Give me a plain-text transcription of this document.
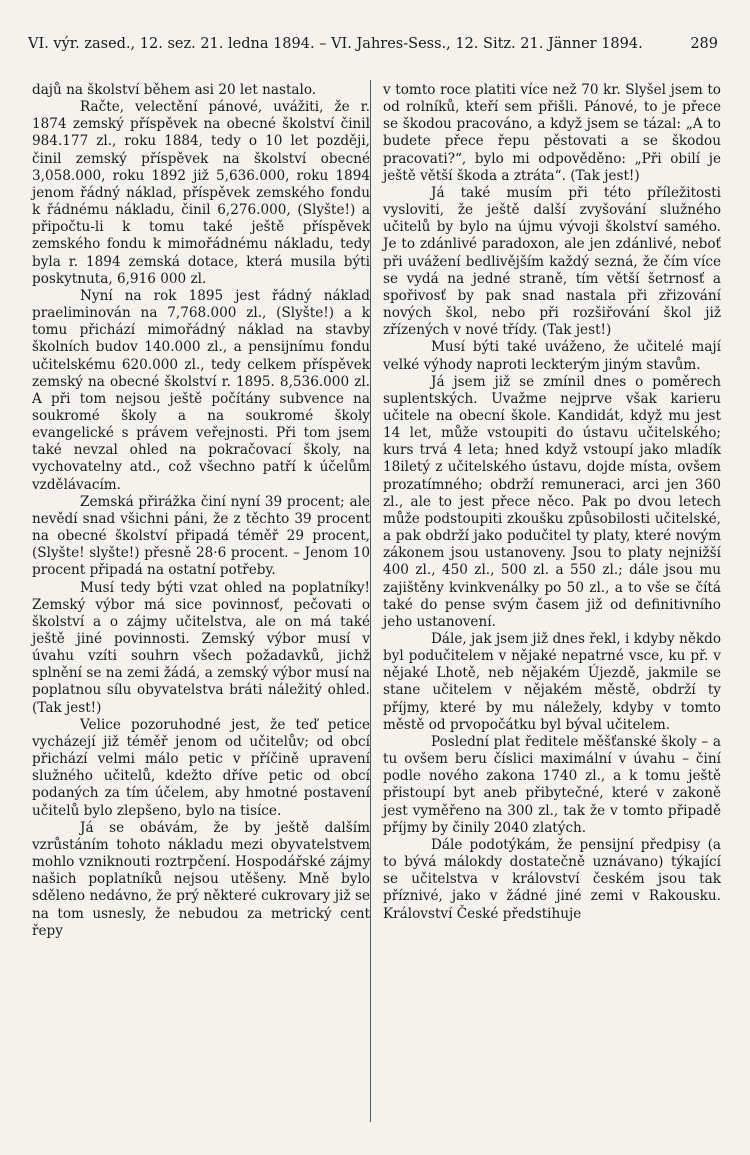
VI. výr. zased., 12. sez. 21. ledna 1894. – VI. Jahres-Sess., 12. Sitz. 21. Jänner 1894.	289

dajů na školství během asi 20 let nastalo.

Račte, velectění pánové, uvážiti, že r. 1874 zemský příspěvek na obecné školství činil 984.177 zl., roku 1884, tedy o 10 let později, činil zemský příspěvek na školství obecné 3,058.000, roku 1892 již 5,636.000, roku 1894 jenom řádný náklad, příspěvek zemského fondu k řádnému nákladu, činil 6,276.000, (Slyšte!) a připočtu-li k tomu také ještě příspěvek zemského fondu k mimořádnému nákladu, tedy byla r. 1894 zemská dotace, která musila býti poskytnuta, 6,916 000 zl.

Nyní na rok 1895 jest řádný náklad praeliminován na 7,768.000 zl., (Slyšte!) a k tomu přichází mimořádný náklad na stavby školních budov 140.000 zl., a pensijnímu fondu učitelskému 620.000 zl., tedy celkem příspěvek zemský na obecné školství r. 1895. 8,536.000 zl. A při tom nejsou ještě počítány subvence na soukromé školy a na soukromé školy evangelické s právem veřejnosti. Při tom jsem také nevzal ohled na pokračovací školy, na vychovatelny atd., což všechno patří k účelům vzdělávacím.

Zemská přirážka činí nyní 39 procent; ale nevědí snad všichni páni, že z těchto 39 procent na obecné školství připadá téměř 29 procent, (Slyšte! slyšte!) přesně 28·6 procent. – Jenom 10 procent připadá na ostatní potřeby.

Musí tedy býti vzat ohled na poplatníky! Zemský výbor má sice povinnosť, pečovati o školství a o zájmy učitelstva, ale on má také ještě jiné povinnosti. Zemský výbor musí v úvahu vzíti souhrn všech požadavků, jichž splnění se na zemi žádá, a zemský výbor musí na poplatnou sílu obyvatelstva bráti náležitý ohled. (Tak jest!)

Velice pozoruhodné jest, že teď petice vycházejí již téměř jenom od učitelův; od obcí přichází velmi málo petic v příčině upravení služného učitelů, kdežto dříve petic od obcí podaných za tím účelem, aby hmotné postavení učitelů bylo zlepšeno, bylo na tisíce.

Já se obávám, že by ještě dalším vzrůstáním tohoto nákladu mezi obyvatelstvem mohlo vzniknouti roztrpčení. Hospodářské zájmy našich poplatníků nejsou utěšeny. Mně bylo sděleno nedávno, že prý některé cukrovary již se na tom usnesly, že nebudou za metrický cent řepy

v tomto roce platiti více než 70 kr. Slyšel jsem to od rolníků, kteří sem přišli. Pánové, to je přece se škodou pracováno, a když jsem se tázal: „A to budete přece řepu pěstovati a se škodou pracovati?“, bylo mi odpověděno: „Při obilí je ještě větší škoda a ztráta“. (Tak jest!)

Já také musím při této příležitosti vysloviti, že ještě další zvyšování služného učitelů by bylo na újmu vývoji školství samého. Je to zdánlivé paradoxon, ale jen zdánlivé, neboť při uvážení bedlivějším každý sezná, že čím více se vydá na jedné straně, tím větší šetrnosť a spořivosť by pak snad nastala při zřizování nových škol, nebo při rozšiřování škol již zřízených v nové třídy. (Tak jest!)

Musí býti také uváženo, že učitelé mají velké výhody naproti leckterým jiným stavům.

Já jsem již se zmínil dnes o poměrech suplentských. Uvažme nejprve však karieru učitele na obecní škole. Kandidát, když mu jest 14 let, může vstoupiti do ústavu učitelského; kurs trvá 4 leta; hned když vstoupí jako mladík 18iletý z učitelského ústavu, dojde místa, ovšem prozatímného; obdrží remuneraci, arci jen 360 zl., ale to jest přece něco. Pak po dvou letech může podstoupiti zkoušku způsobilosti učitelské, a pak obdrží jako podučitel ty platy, které novým zákonem jsou ustanoveny. Jsou to platy nejnižší 400 zl., 450 zl., 500 zl. a 550 zl.; dále jsou mu zajištěny kvinkvenálky po 50 zl., a to vše se čítá také do pense svým časem již od definitivního jeho ustanovení.

Dále, jak jsem již dnes řekl, i kdyby někdo byl podučitelem v nějaké nepatrné vsce, ku př. v nějaké Lhotě, neb nějakém Újezdě, jakmile se stane učitelem v nějakém městě, obdrží ty příjmy, které by mu náležely, kdyby v tomto městě od prvopočátku byl býval učitelem.

Poslední plat ředitele měšťanské školy – a tu ovšem beru číslici maximální v úvahu – činí podle nového zakona 1740 zl., a k tomu ještě přistoupí byt aneb přibytečné, které v zakoně jest vyměřeno na 300 zl., tak že v tomto připadě příjmy by činily 2040 zlatých.

Dále podotýkám, že pensijní předpisy (a to bývá málokdy dostatečně uznávano) týkající se učitelstva v království českém jsou tak příznivé, jako v žádné jiné zemi v Rakousku. Království České předstihuje
